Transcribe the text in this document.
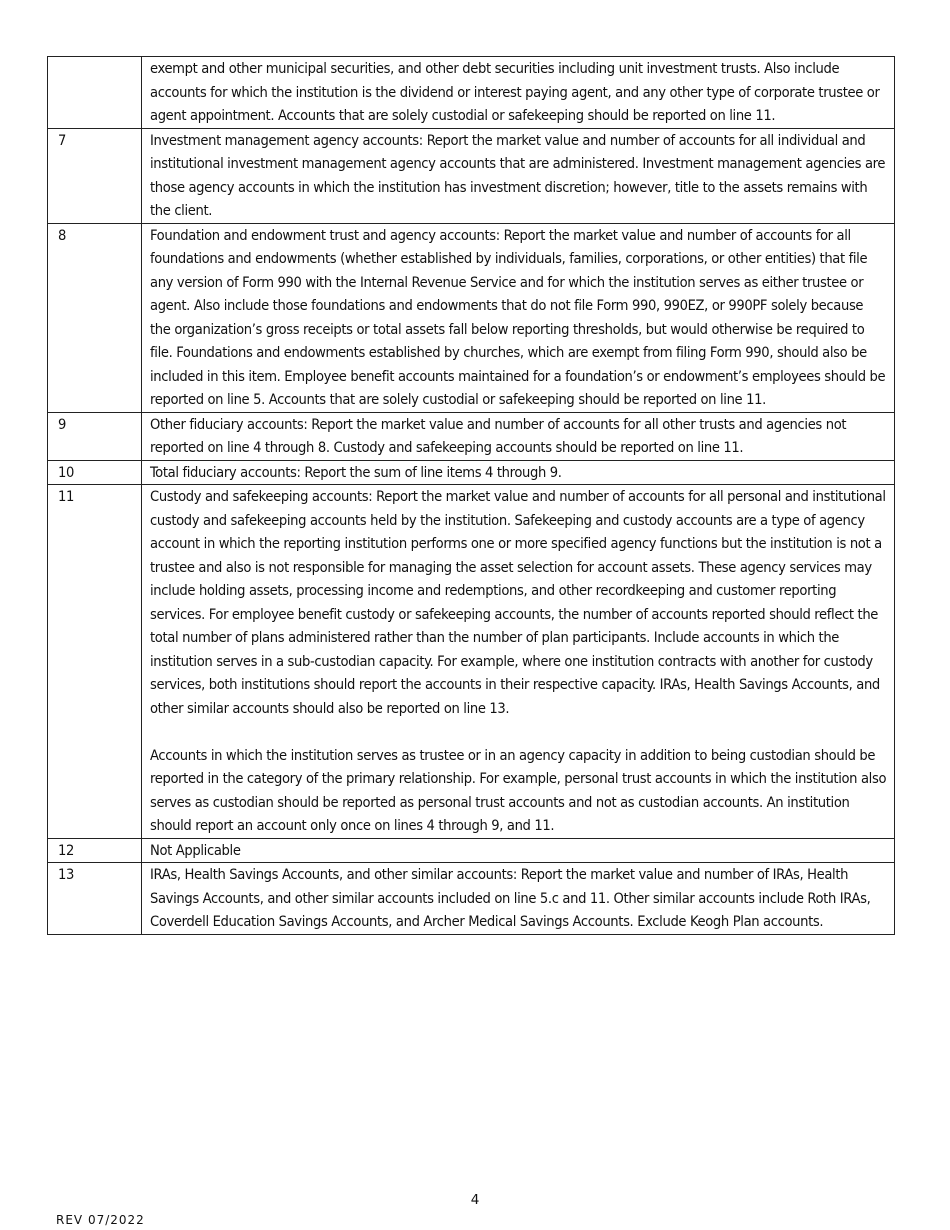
	exempt and other municipal securities, and other debt securities including unit investment trusts. Also include accounts for which the institution is the dividend or interest paying agent, and any other type of corporate trustee or agent appointment. Accounts that are solely custodial or safekeeping should be reported on line 11.

7	Investment management agency accounts: Report the market value and number of accounts for all individual and institutional investment management agency accounts that are administered. Investment management agencies are those agency accounts in which the institution has investment discretion; however, title to the assets remains with the client.

8	Foundation and endowment trust and agency accounts: Report the market value and number of accounts for all foundations and endowments (whether established by individuals, families, corporations, or other entities) that file any version of Form 990 with the Internal Revenue Service and for which the institution serves as either trustee or agent. Also include those foundations and endowments that do not file Form 990, 990EZ, or 990PF solely because the organization’s gross receipts or total assets fall below reporting thresholds, but would otherwise be required to file. Foundations and endowments established by churches, which are exempt from filing Form 990, should also be included in this item. Employee benefit accounts maintained for a foundation’s or endowment’s employees should be reported on line 5. Accounts that are solely custodial or safekeeping should be reported on line 11.

9	Other fiduciary accounts: Report the market value and number of accounts for all other trusts and agencies not reported on line 4 through 8. Custody and safekeeping accounts should be reported on line 11.

10	Total fiduciary accounts: Report the sum of line items 4 through 9.

11	Custody and safekeeping accounts: Report the market value and number of accounts for all personal and institutional custody and safekeeping accounts held by the institution. Safekeeping and custody accounts are a type of agency account in which the reporting institution performs one or more specified agency functions but the institution is not a trustee and also is not responsible for managing the asset selection for account assets. These agency services may include holding assets, processing income and redemptions, and other recordkeeping and customer reporting services. For employee benefit custody or safekeeping accounts, the number of accounts reported should reflect the total number of plans administered rather than the number of plan participants. Include accounts in which the institution serves in a sub-custodian capacity. For example, where one institution contracts with another for custody services, both institutions should report the accounts in their respective capacity. IRAs, Health Savings Accounts, and other similar accounts should also be reported on line 13.
Accounts in which the institution serves as trustee or in an agency capacity in addition to being custodian should be reported in the category of the primary relationship. For example, personal trust accounts in which the institution also serves as custodian should be reported as personal trust accounts and not as custodian accounts. An institution should report an account only once on lines 4 through 9, and 11.

12	Not Applicable

13	IRAs, Health Savings Accounts, and other similar accounts: Report the market value and number of IRAs, Health Savings Accounts, and other similar accounts included on line 5.c and 11. Other similar accounts include Roth IRAs, Coverdell Education Savings Accounts, and Archer Medical Savings Accounts. Exclude Keogh Plan accounts.
4
REV 07/2022
